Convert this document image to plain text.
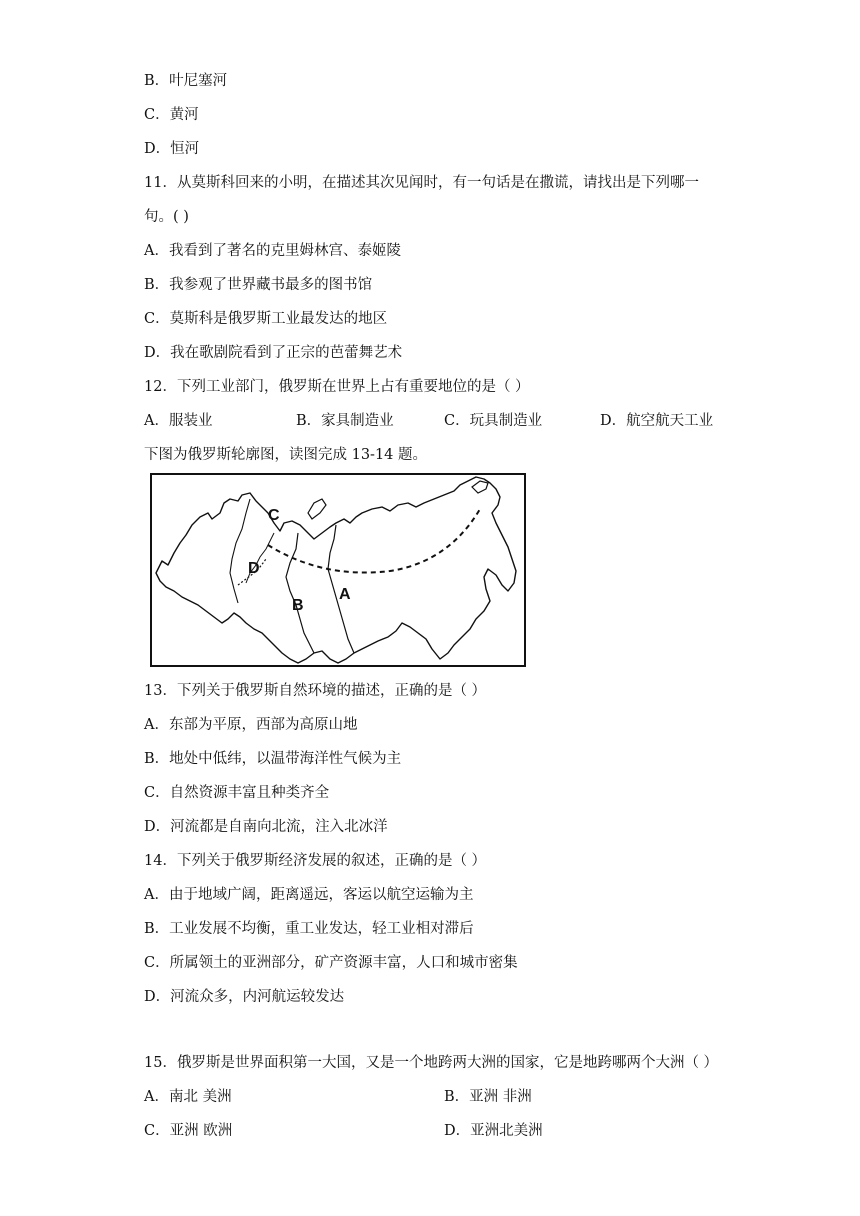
B．叶尼塞河
C．黄河
D．恒河
11．从莫斯科回来的小明，在描述其次见闻时，有一句话是在撒谎，请找出是下列哪一
句。( )
A．我看到了著名的克里姆林宫、泰姬陵
B．我参观了世界藏书最多的图书馆
C．莫斯科是俄罗斯工业最发达的地区
D．我在歌剧院看到了正宗的芭蕾舞艺术
12．下列工业部门，俄罗斯在世界上占有重要地位的是（ ）
A．服装业	B．家具制造业	C．玩具制造业	D．航空航天工业
下图为俄罗斯轮廓图，读图完成 13-14 题。
C
D
B
A
13．下列关于俄罗斯自然环境的描述，正确的是（ ）
A．东部为平原，西部为高原山地
B．地处中低纬，以温带海洋性气候为主
C．自然资源丰富且种类齐全
D．河流都是自南向北流，注入北冰洋
14．下列关于俄罗斯经济发展的叙述，正确的是（ ）
A．由于地域广阔，距离遥远，客运以航空运输为主
B．工业发展不均衡，重工业发达，轻工业相对滞后
C．所属领土的亚洲部分，矿产资源丰富，人口和城市密集
D．河流众多，内河航运较发达
15．俄罗斯是世界面积第一大国，又是一个地跨两大洲的国家，它是地跨哪两个大洲（ ）
A．南北 美洲	B．亚洲 非洲
C．亚洲 欧洲	D．亚洲北美洲
